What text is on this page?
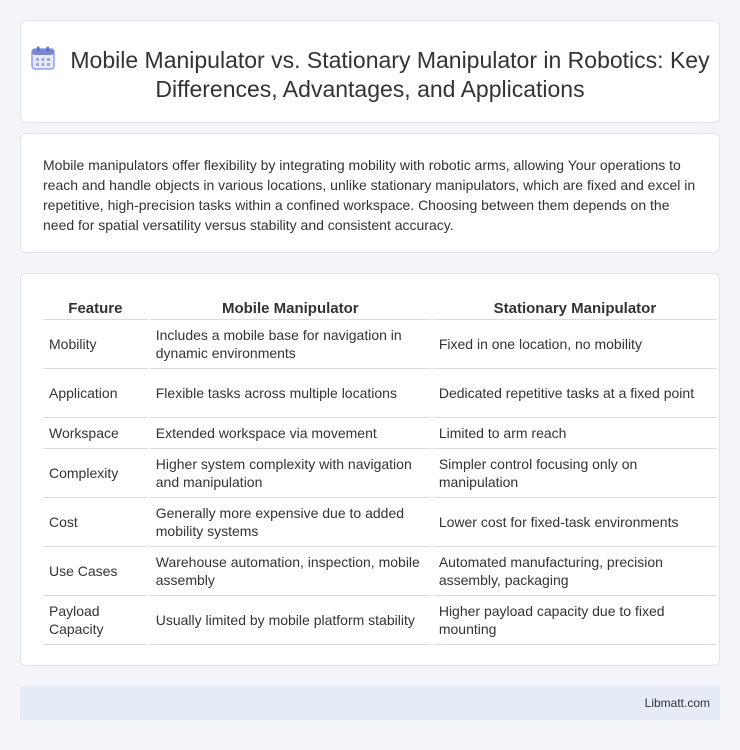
Mobile Manipulator vs. Stationary Manipulator in Robotics: Key Differences, Advantages, and Applications

Mobile manipulators offer flexibility by integrating mobility with robotic arms, allowing Your operations to reach and handle objects in various locations, unlike stationary manipulators, which are fixed and excel in repetitive, high-precision tasks within a confined workspace. Choosing between them depends on the need for spatial versatility versus stability and consistent accuracy.

Feature	Mobile Manipulator	Stationary Manipulator
Mobility	Includes a mobile base for navigation in dynamic environments	Fixed in one location, no mobility
Application	Flexible tasks across multiple locations	Dedicated repetitive tasks at a fixed point
Workspace	Extended workspace via movement	Limited to arm reach
Complexity	Higher system complexity with navigation and manipulation	Simpler control focusing only on manipulation
Cost	Generally more expensive due to added mobility systems	Lower cost for fixed-task environments
Use Cases	Warehouse automation, inspection, mobile assembly	Automated manufacturing, precision assembly, packaging
Payload Capacity	Usually limited by mobile platform stability	Higher payload capacity due to fixed mounting
Libmatt.com
